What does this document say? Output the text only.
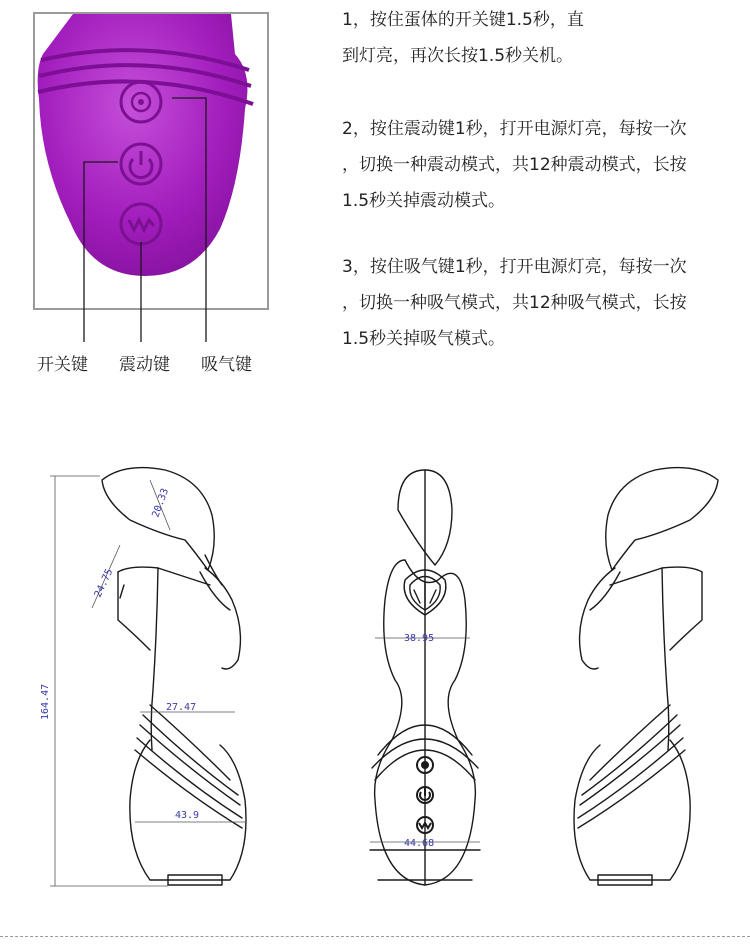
开关键 震动键 吸气键
1，按住蛋体的开关键1.5秒，直
到灯亮，再次长按1.5秒关机。
2，按住震动键1秒，打开电源灯亮，每按一次
，切换一种震动模式，共12种震动模式，长按
1.5秒关掉震动模式。
3，按住吸气键1秒，打开电源灯亮，每按一次
，切换一种吸气模式，共12种吸气模式，长按
1.5秒关掉吸气模式。
164.47
20.33
24.75
27.47
43.9
38.95
44.68
